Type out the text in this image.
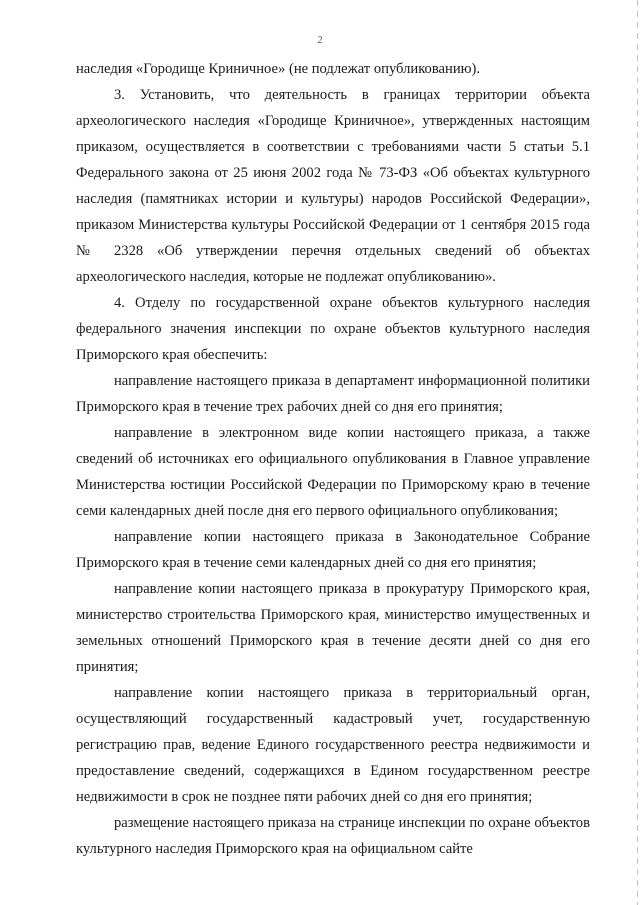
2

наследия «Городище Криничное» (не подлежат опубликованию).

3. Установить, что деятельность в границах территории объекта археологического наследия «Городище Криничное», утвержденных настоящим приказом, осуществляется в соответствии с требованиями части 5 статьи 5.1 Федерального закона от 25 июня 2002 года № 73-ФЗ «Об объектах культурного наследия (памятниках истории и культуры) народов Российской Федерации», приказом Министерства культуры Российской Федерации от 1 сентября 2015 года № 2328 «Об утверждении перечня отдельных сведений об объектах археологического наследия, которые не подлежат опубликованию».

4. Отделу по государственной охране объектов культурного наследия федерального значения инспекции по охране объектов культурного наследия Приморского края обеспечить:

направление настоящего приказа в департамент информационной политики Приморского края в течение трех рабочих дней со дня его принятия;

направление в электронном виде копии настоящего приказа, а также сведений об источниках его официального опубликования в Главное управление Министерства юстиции Российской Федерации по Приморскому краю в течение семи календарных дней после дня его первого официального опубликования;

направление копии настоящего приказа в Законодательное Собрание Приморского края в течение семи календарных дней со дня его принятия;

направление копии настоящего приказа в прокуратуру Приморского края, министерство строительства Приморского края, министерство имущественных и земельных отношений Приморского края в течение десяти дней со дня его принятия;

направление копии настоящего приказа в территориальный орган, осуществляющий государственный кадастровый учет, государственную регистрацию прав, ведение Единого государственного реестра недвижимости и предоставление сведений, содержащихся в Едином государственном реестре недвижимости в срок не позднее пяти рабочих дней со дня его принятия;

размещение настоящего приказа на странице инспекции по охране объектов культурного наследия Приморского края на официальном сайте
